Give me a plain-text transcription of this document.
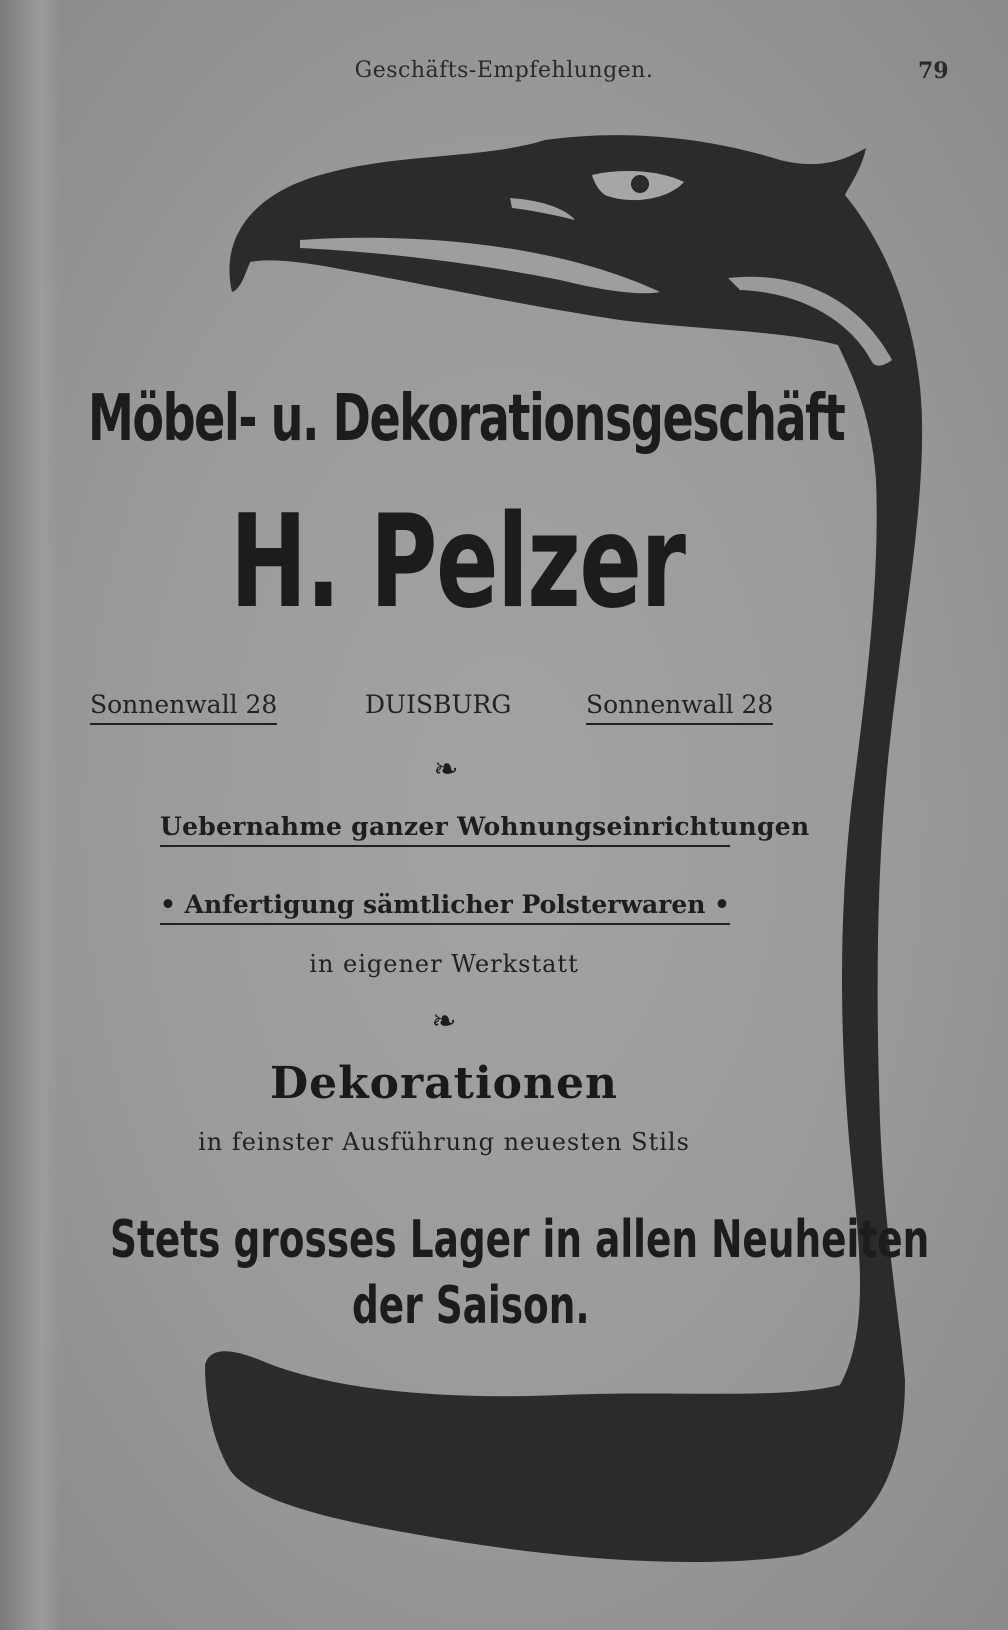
Geschäfts-Empfehlungen.	79
Möbel- u. Dekorationsgeschäft
H. Pelzer
Sonnenwall 28	DUISBURG	Sonnenwall 28
❧
Uebernahme ganzer Wohnungseinrichtungen
• Anfertigung sämtlicher Polsterwaren •
in eigener Werkstatt
❧
Dekorationen
in feinster Ausführung neuesten Stils
Stets grosses Lager in allen Neuheiten
der Saison.
